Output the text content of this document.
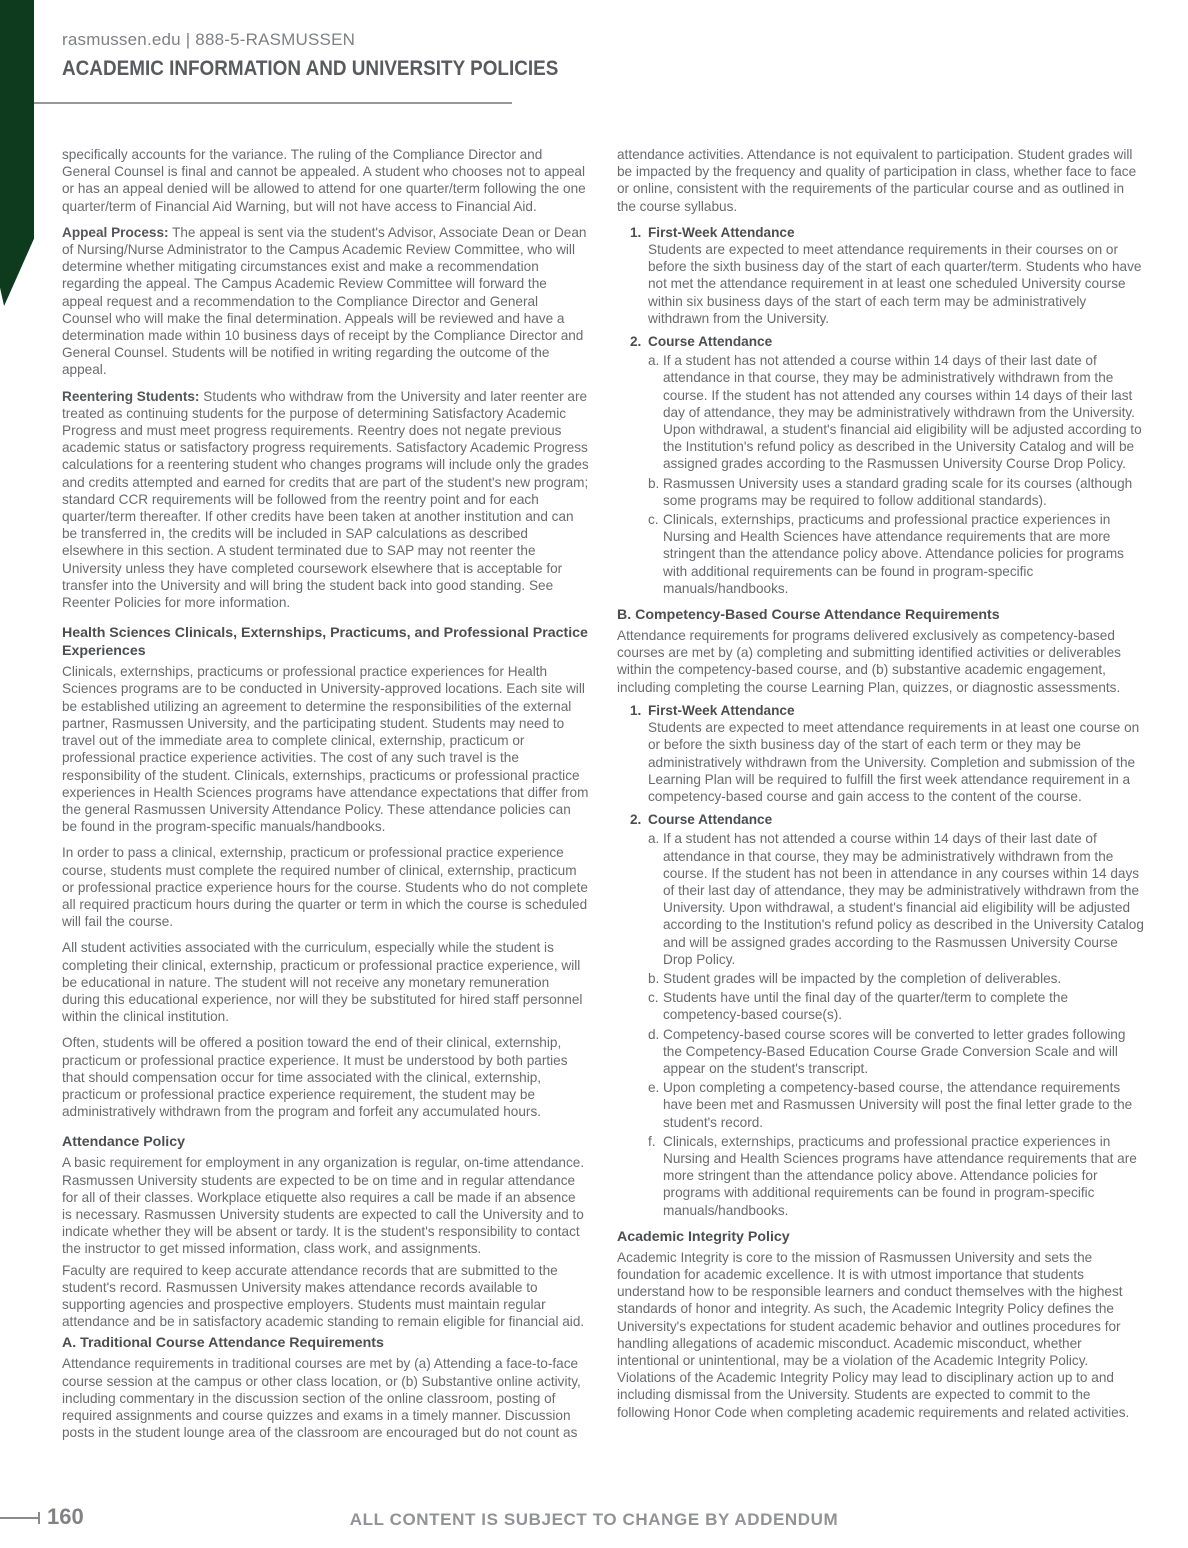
rasmussen.edu | 888-5-RASMUSSEN
ACADEMIC INFORMATION AND UNIVERSITY POLICIES

specifically accounts for the variance. The ruling of the Compliance Director and General Counsel is final and cannot be appealed. A student who chooses not to appeal or has an appeal denied will be allowed to attend for one quarter/term following the one quarter/term of Financial Aid Warning, but will not have access to Financial Aid.

Appeal Process: The appeal is sent via the student's Advisor, Associate Dean or Dean of Nursing/Nurse Administrator to the Campus Academic Review Committee, who will determine whether mitigating circumstances exist and make a recommendation regarding the appeal. The Campus Academic Review Committee will forward the appeal request and a recommendation to the Compliance Director and General Counsel who will make the final determination. Appeals will be reviewed and have a determination made within 10 business days of receipt by the Compliance Director and General Counsel. Students will be notified in writing regarding the outcome of the appeal.

Reentering Students: Students who withdraw from the University and later reenter are treated as continuing students for the purpose of determining Satisfactory Academic Progress and must meet progress requirements. Reentry does not negate previous academic status or satisfactory progress requirements. Satisfactory Academic Progress calculations for a reentering student who changes programs will include only the grades and credits attempted and earned for credits that are part of the student's new program; standard CCR requirements will be followed from the reentry point and for each quarter/term thereafter. If other credits have been taken at another institution and can be transferred in, the credits will be included in SAP calculations as described elsewhere in this section. A student terminated due to SAP may not reenter the University unless they have completed coursework elsewhere that is acceptable for transfer into the University and will bring the student back into good standing. See Reenter Policies for more information.

Health Sciences Clinicals, Externships, Practicums, and Professional Practice Experiences

Clinicals, externships, practicums or professional practice experiences for Health Sciences programs are to be conducted in University-approved locations. Each site will be established utilizing an agreement to determine the responsibilities of the external partner, Rasmussen University, and the participating student. Students may need to travel out of the immediate area to complete clinical, externship, practicum or professional practice experience activities. The cost of any such travel is the responsibility of the student. Clinicals, externships, practicums or professional practice experiences in Health Sciences programs have attendance expectations that differ from the general Rasmussen University Attendance Policy. These attendance policies can be found in the program-specific manuals/handbooks.

In order to pass a clinical, externship, practicum or professional practice experience course, students must complete the required number of clinical, externship, practicum or professional practice experience hours for the course. Students who do not complete all required practicum hours during the quarter or term in which the course is scheduled will fail the course.

All student activities associated with the curriculum, especially while the student is completing their clinical, externship, practicum or professional practice experience, will be educational in nature. The student will not receive any monetary remuneration during this educational experience, nor will they be substituted for hired staff personnel within the clinical institution.

Often, students will be offered a position toward the end of their clinical, externship, practicum or professional practice experience. It must be understood by both parties that should compensation occur for time associated with the clinical, externship, practicum or professional practice experience requirement, the student may be administratively withdrawn from the program and forfeit any accumulated hours.

Attendance Policy

A basic requirement for employment in any organization is regular, on-time attendance. Rasmussen University students are expected to be on time and in regular attendance for all of their classes. Workplace etiquette also requires a call be made if an absence is necessary. Rasmussen University students are expected to call the University and to indicate whether they will be absent or tardy. It is the student's responsibility to contact the instructor to get missed information, class work, and assignments.

Faculty are required to keep accurate attendance records that are submitted to the student's record. Rasmussen University makes attendance records available to supporting agencies and prospective employers. Students must maintain regular attendance and be in satisfactory academic standing to remain eligible for financial aid.

A. Traditional Course Attendance Requirements

Attendance requirements in traditional courses are met by (a) Attending a face-to-face course session at the campus or other class location, or (b) Substantive online activity, including commentary in the discussion section of the online classroom, posting of required assignments and course quizzes and exams in a timely manner. Discussion posts in the student lounge area of the classroom are encouraged but do not count as

attendance activities. Attendance is not equivalent to participation. Student grades will be impacted by the frequency and quality of participation in class, whether face to face or online, consistent with the requirements of the particular course and as outlined in the course syllabus.

1. First-Week Attendance
Students are expected to meet attendance requirements in their courses on or before the sixth business day of the start of each quarter/term. Students who have not met the attendance requirement in at least one scheduled University course within six business days of the start of each term may be administratively withdrawn from the University.
2. Course Attendance
a. If a student has not attended a course within 14 days of their last date of attendance in that course, they may be administratively withdrawn from the course. If the student has not attended any courses within 14 days of their last day of attendance, they may be administratively withdrawn from the University. Upon withdrawal, a student's financial aid eligibility will be adjusted according to the Institution's refund policy as described in the University Catalog and will be assigned grades according to the Rasmussen University Course Drop Policy.
b. Rasmussen University uses a standard grading scale for its courses (although some programs may be required to follow additional standards).
c. Clinicals, externships, practicums and professional practice experiences in Nursing and Health Sciences have attendance requirements that are more stringent than the attendance policy above. Attendance policies for programs with additional requirements can be found in program-specific manuals/handbooks.
B. Competency-Based Course Attendance Requirements

Attendance requirements for programs delivered exclusively as competency-based courses are met by (a) completing and submitting identified activities or deliverables within the competency-based course, and (b) substantive academic engagement, including completing the course Learning Plan, quizzes, or diagnostic assessments.

1. First-Week Attendance
Students are expected to meet attendance requirements in at least one course on or before the sixth business day of the start of each term or they may be administratively withdrawn from the University. Completion and submission of the Learning Plan will be required to fulfill the first week attendance requirement in a competency-based course and gain access to the content of the course.
2. Course Attendance
a. If a student has not attended a course within 14 days of their last date of attendance in that course, they may be administratively withdrawn from the course. If the student has not been in attendance in any courses within 14 days of their last day of attendance, they may be administratively withdrawn from the University. Upon withdrawal, a student's financial aid eligibility will be adjusted according to the Institution's refund policy as described in the University Catalog and will be assigned grades according to the Rasmussen University Course Drop Policy.
b. Student grades will be impacted by the completion of deliverables.
c. Students have until the final day of the quarter/term to complete the competency-based course(s).
d. Competency-based course scores will be converted to letter grades following the Competency-Based Education Course Grade Conversion Scale and will appear on the student's transcript.
e. Upon completing a competency-based course, the attendance requirements have been met and Rasmussen University will post the final letter grade to the student's record.
f. Clinicals, externships, practicums and professional practice experiences in Nursing and Health Sciences programs have attendance requirements that are more stringent than the attendance policy above. Attendance policies for programs with additional requirements can be found in program-specific manuals/handbooks.
Academic Integrity Policy

Academic Integrity is core to the mission of Rasmussen University and sets the foundation for academic excellence. It is with utmost importance that students understand how to be responsible learners and conduct themselves with the highest standards of honor and integrity. As such, the Academic Integrity Policy defines the University's expectations for student academic behavior and outlines procedures for handling allegations of academic misconduct. Academic misconduct, whether intentional or unintentional, may be a violation of the Academic Integrity Policy. Violations of the Academic Integrity Policy may lead to disciplinary action up to and including dismissal from the University. Students are expected to commit to the following Honor Code when completing academic requirements and related activities.

160	ALL CONTENT IS SUBJECT TO CHANGE BY ADDENDUM
